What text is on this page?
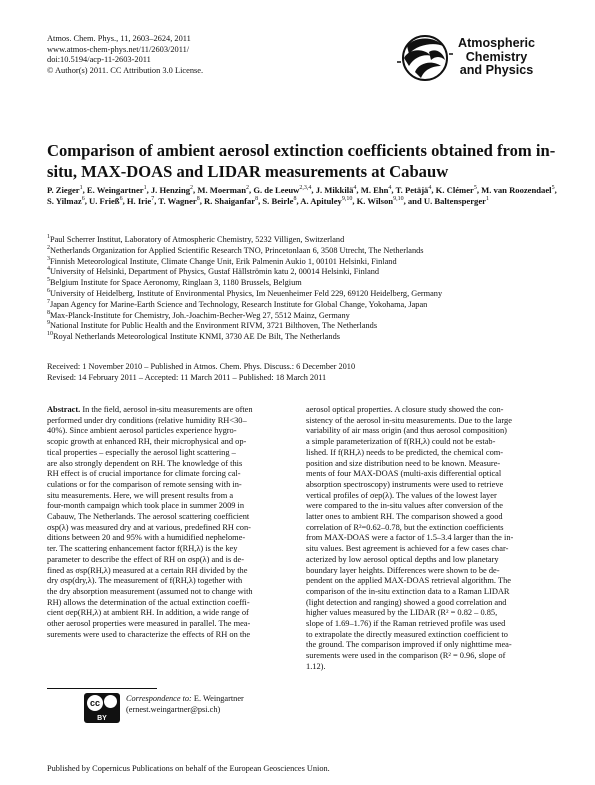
Atmos. Chem. Phys., 11, 2603–2624, 2011
www.atmos-chem-phys.net/11/2603/2011/
doi:10.5194/acp-11-2603-2011
© Author(s) 2011. CC Attribution 3.0 License.
Atmospheric
Chemistry
and Physics
Comparison of ambient aerosol extinction coefficients obtained from in-situ, MAX-DOAS and LIDAR measurements at Cabauw
P. Zieger$^1$, E. Weingartner$^1$, J. Henzing$^2$, M. Moerman$^2$, G. de Leeuw$^{2,3,4}$, J. Mikkilä$^4$, M. Ehn$^4$, T. Petäjä$^4$, K. Clémer$^5$, M. van Roozendael$^5$, S. Yilmaz$^6$, U. Frieß$^6$, H. Irie$^7$, T. Wagner$^8$, R. Shaiganfar$^8$, S. Beirle$^8$, A. Apituley$^{9,10}$, K. Wilson$^{9,10}$, and U. Baltensperger$^1$
$^1$Paul Scherrer Institut, Laboratory of Atmospheric Chemistry, 5232 Villigen, Switzerland
$^2$Netherlands Organization for Applied Scientific Research TNO, Princetonlaan 6, 3508 Utrecht, The Netherlands
$^3$Finnish Meteorological Institute, Climate Change Unit, Erik Palmenin Aukio 1, 00101 Helsinki, Finland
$^4$University of Helsinki, Department of Physics, Gustaf Hällströmin katu 2, 00014 Helsinki, Finland
$^5$Belgium Institute for Space Aeronomy, Ringlaan 3, 1180 Brussels, Belgium
$^6$University of Heidelberg, Institute of Environmental Physics, Im Neuenheimer Feld 229, 69120 Heidelberg, Germany
$^7$Japan Agency for Marine-Earth Science and Technology, Research Institute for Global Change, Yokohama, Japan
$^8$Max-Planck-Institute for Chemistry, Joh.-Joachim-Becher-Weg 27, 5512 Mainz, Germany
$^9$National Institute for Public Health and the Environment RIVM, 3721 Bilthoven, The Netherlands
$^{10}$Royal Netherlands Meteorological Institute KNMI, 3730 AE De Bilt, The Netherlands
Received: 1 November 2010 – Published in Atmos. Chem. Phys. Discuss.: 6 December 2010
Revised: 14 February 2011 – Accepted: 11 March 2011 – Published: 18 March 2011
Abstract. In the field, aerosol in-situ measurements are often
performed under dry conditions (relative humidity RH<30–
40%). Since ambient aerosol particles experience hygro-
scopic growth at enhanced RH, their microphysical and op-
tical properties – especially the aerosol light scattering –
are also strongly dependent on RH. The knowledge of this
RH effect is of crucial importance for climate forcing cal-
culations or for the comparison of remote sensing with in-
situ measurements. Here, we will present results from a
four-month campaign which took place in summer 2009 in
Cabauw, The Netherlands. The aerosol scattering coefficient
σsp(λ) was measured dry and at various, predefined RH con-
ditions between 20 and 95% with a humidified nephelome-
ter. The scattering enhancement factor f(RH,λ) is the key
parameter to describe the effect of RH on σsp(λ) and is de-
fined as σsp(RH,λ) measured at a certain RH divided by the
dry σsp(dry,λ). The measurement of f(RH,λ) together with
the dry absorption measurement (assumed not to change with
RH) allows the determination of the actual extinction coeffi-
cient σep(RH,λ) at ambient RH. In addition, a wide range of
other aerosol properties were measured in parallel. The mea-
surements were used to characterize the effects of RH on the
aerosol optical properties. A closure study showed the con-
sistency of the aerosol in-situ measurements. Due to the large
variability of air mass origin (and thus aerosol composition)
a simple parameterization of f(RH,λ) could not be estab-
lished. If f(RH,λ) needs to be predicted, the chemical com-
position and size distribution need to be known. Measure-
ments of four MAX-DOAS (multi-axis differential optical
absorption spectroscopy) instruments were used to retrieve
vertical profiles of σep(λ). The values of the lowest layer
were compared to the in-situ values after conversion of the
latter ones to ambient RH. The comparison showed a good
correlation of R²=0.62–0.78, but the extinction coefficients
from MAX-DOAS were a factor of 1.5–3.4 larger than the in-
situ values. Best agreement is achieved for a few cases char-
acterized by low aerosol optical depths and low planetary
boundary layer heights. Differences were shown to be de-
pendent on the applied MAX-DOAS retrieval algorithm. The
comparison of the in-situ extinction data to a Raman LIDAR
(light detection and ranging) showed a good correlation and
higher values measured by the LIDAR (R² = 0.82 – 0.85,
slope of 1.69–1.76) if the Raman retrieved profile was used
to extrapolate the directly measured extinction coefficient to
the ground. The comparison improved if only nighttime mea-
surements were used in the comparison (R² = 0.96, slope of
1.12).
cc
BY
Correspondence to: E. Weingartner
(ernest.weingartner@psi.ch)
Published by Copernicus Publications on behalf of the European Geosciences Union.
